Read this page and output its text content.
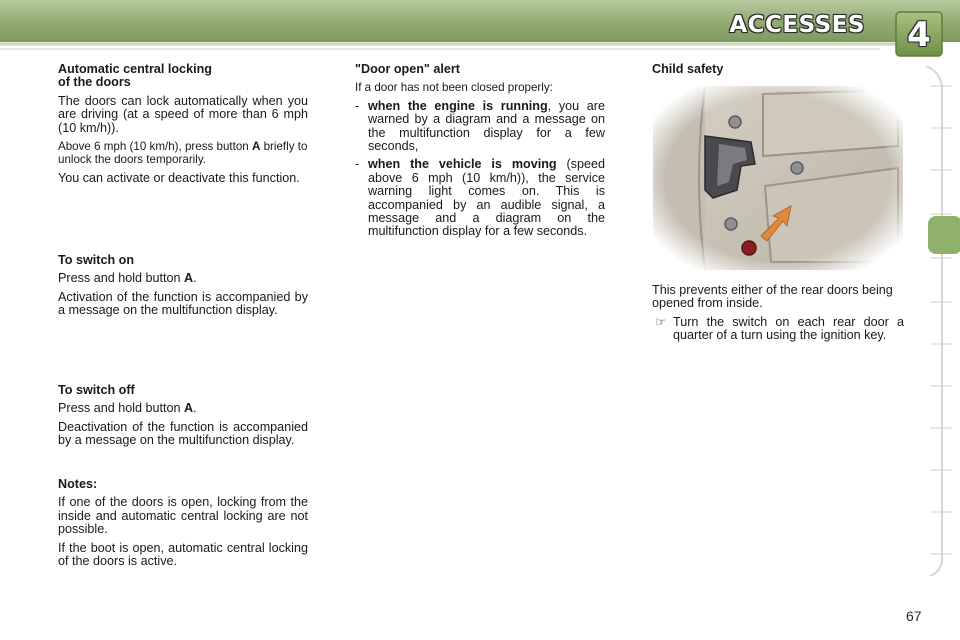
ACCESSES	4

Automatic central locking

of the doors

The doors can lock automatically when you are driving (at a speed of more than 6 mph (10 km/h)).

Above 6 mph (10 km/h), press button A briefly to unlock the doors temporarily.

You can activate or deactivate this function.

To switch on

Press and hold button A.

Activation of the function is accompanied by a message on the multifunction display.

To switch off

Press and hold button A.

Deactivation of the function is accompanied by a message on the multifunction display.

Notes:

If one of the doors is open, locking from the inside and automatic central locking are not possible.

If the boot is open, automatic central locking of the doors is active.

"Door open" alert

If a door has not been closed properly:

- when the engine is running, you are warned by a diagram and a message on the multifunction display for a few seconds,

- when the vehicle is moving (speed above 6 mph (10 km/h)), the service warning light comes on. This is accompanied by an audible signal, a message and a diagram on the multifunction display for a few seconds.

Child safety

This prevents either of the rear doors being opened from inside.

☞ Turn the switch on each rear door a quarter of a turn using the ignition key.

67
